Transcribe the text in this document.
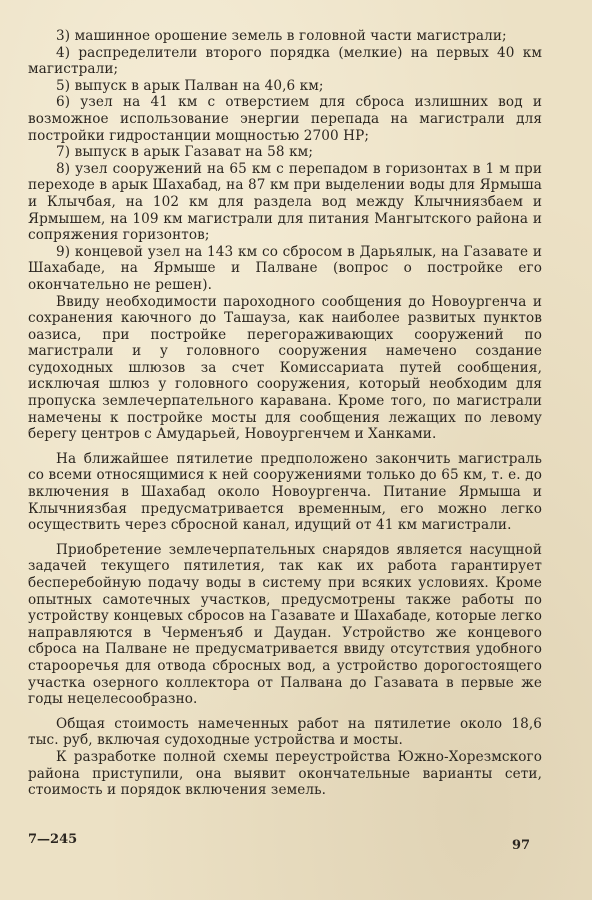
3) машинное орошение земель в головной части магистрали;

4) распределители второго порядка (мелкие) на первых 40 км магистрали;

5) выпуск в арык Палван на 40,6 км;

6) узел на 41 км с отверстием для сброса излишних вод и возможное использование энергии перепада на магистрали для постройки гидростанции мощностью 2700 НР;

7) выпуск в арык Газават на 58 км;

8) узел сооружений на 65 км с перепадом в горизонтах в 1 м при переходе в арык Шахабад, на 87 км при выделении воды для Ярмыша и Клычбая, на 102 км для раздела вод между Клычниязбаем и Ярмышем, на 109 км магистрали для питания Мангытского района и сопряжения горизонтов;

9) концевой узел на 143 км со сбросом в Дарьялык, на Газавате и Шахабаде, на Ярмыше и Палване (вопрос о постройке его окончательно не решен).

Ввиду необходимости пароходного сообщения до Новоургенча и сохранения каючного до Ташауза, как наиболее развитых пунктов оазиса, при постройке перегораживающих сооружений по магистрали и у головного сооружения намечено создание судоходных шлюзов за счет Комиссариата путей сообщения, исключая шлюз у головного сооружения, который необходим для пропуска землечерпательного каравана. Кроме того, по магистрали намечены к постройке мосты для сообщения лежащих по левому берегу центров с Амударьей, Новоургенчем и Ханками.

На ближайшее пятилетие предположено закончить магистраль со всеми относящимися к ней сооружениями только до 65 км, т. е. до включения в Шахабад около Новоургенча. Питание Ярмыша и Клычниязбая предусматривается временным, его можно легко осуществить через сбросной канал, идущий от 41 км магистрали.

Приобретение землечерпательных снарядов является насущной задачей текущего пятилетия, так как их работа гарантирует бесперебойную подачу воды в систему при всяких условиях. Кроме опытных самотечных участков, предусмотрены также работы по устройству концевых сбросов на Газавате и Шахабаде, которые легко направляются в Черменъяб и Даудан. Устройство же концевого сброса на Палване не предусматривается ввиду отсутствия удобного старооречья для отвода сбросных вод, а устройство дорогостоящего участка озерного коллектора от Палвана до Газавата в первые же годы нецелесообразно.

Общая стоимость намеченных работ на пятилетие около 18,6 тыс. руб, включая судоходные устройства и мосты.

К разработке полной схемы переустройства Южно-Хорезмского района приступили, она выявит окончательные варианты сети, стоимость и порядок включения земель.

7—245	97
